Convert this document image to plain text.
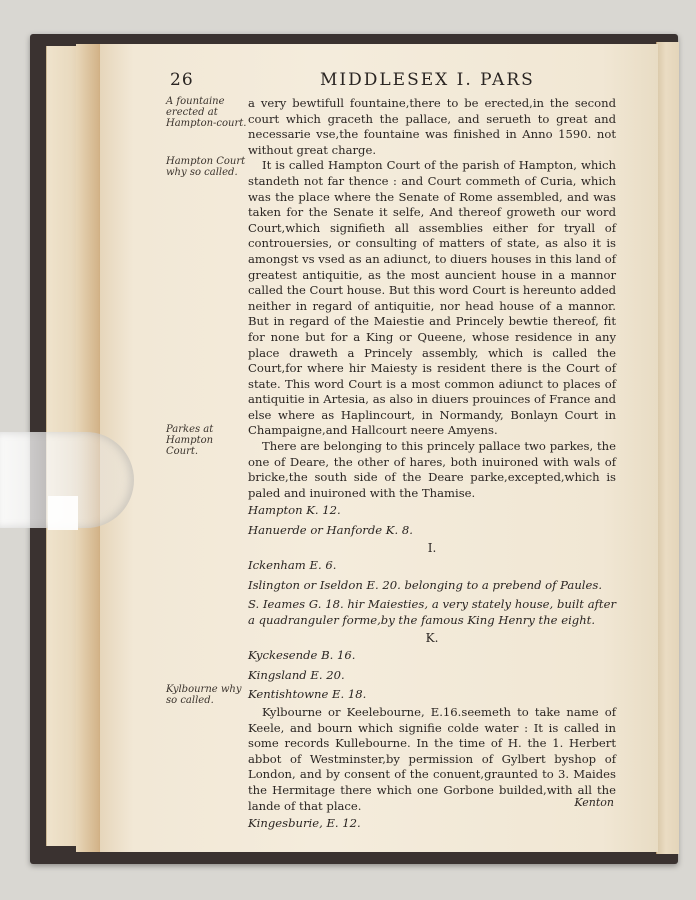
26	MIDDLESEX I. PARS
A fountaine erected at Hampton-court.
Hampton Court why so called.
Parkes at Hampton Court.
Kylbourne why so called.

a very bewtifull fountaine,there to be erected,in the second court which graceth the pallace, and serueth to great and necessarie vse,the fountaine was finished in Anno 1590. not without great charge.

It is called Hampton Court of the parish of Hampton, which standeth not far thence : and Court commeth of Curia, which was the place where the Senate of Rome assembled, and was taken for the Senate it selfe, And thereof groweth our word Court,which signifieth all assemblies either for tryall of controuersies, or consulting of matters of state, as also it is amongst vs vsed as an adiunct, to diuers houses in this land of greatest antiquitie, as the most auncient house in a mannor called the Court house. But this word Court is hereunto added neither in regard of antiquitie, nor head house of a mannor. But in regard of the Maiestie and Princely bewtie thereof, fit for none but for a King or Queene, whose residence in any place draweth a Princely assembly, which is called the Court,for where hir Maiesty is resident there is the Court of state. This word Court is a most common adiunct to places of antiquitie in Artesia, as also in diuers prouinces of France and else where as Haplincourt, in Normandy, Bonlayn Court in Champaigne,and Hallcourt neere Amyens.

There are belonging to this princely pallace two parkes, the one of Deare, the other of hares, both inuironed with wals of bricke,the south side of the Deare parke,excepted,which is paled and inuironed with the Thamise.

Hampton K. 12.

Hanuerde or Hanforde K. 8.

I.

Ickenham E. 6.

Islington or Iseldon E. 20. belonging to a prebend of Paules.

S. Ieames G. 18. hir Maiesties, a very stately house, built after a quadranguler forme,by the famous King Henry the eight.

K.

Kyckesende B. 16.

Kingsland E. 20.

Kentishtowne E. 18.

Kylbourne or Keelebourne, E.16.seemeth to take name of Keele, and bourn which signifie colde water : It is called in some records Kullebourne. In the time of H. the 1. Herbert abbot of Westminster,by permission of Gylbert byshop of London, and by consent of the conuent,graunted to 3. Maides the Hermitage there which one Gorbone builded,with all the lande of that place.

Kingesburie, E. 12.

Kenton
